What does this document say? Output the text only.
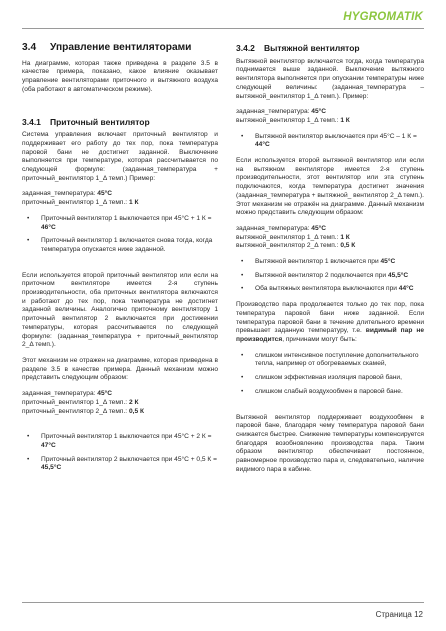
HYGROMATIK
3.4 Управление вентиляторами

На диаграмме, которая также приведена в разделе 3.5 в качестве примера, показано, какое влияние оказывает управление вентиляторами приточного и вытяжного воздуха (оба работают в автоматическом режиме).

3.4.1 Приточный вентилятор

Система управления включает приточный вентилятор и поддерживает его работу до тех пор, пока температура паровой бани не достигнет заданной. Выключение выполняется при температуре, которая рассчитывается по следующей формуле: (заданная_температура + приточный_вентилятор 1_Δ темп.) Пример:

заданная_температура: 45°C
приточный_вентилятор 1_Δ темп.: 1 К
• Приточный вентилятор 1 выключается при 45°C + 1 К = 46°C
• Приточный вентилятор 1 включается снова тогда, когда температура опускается ниже заданной.

Если используется второй приточный вентилятор или если на приточном вентиляторе имеется 2-я ступень производительности, оба приточных вентилятора включаются и работают до тех пор, пока температура не достигнет заданной величины. Аналогично приточному вентилятору 1 приточный вентилятор 2 выключается при достижении температуры, которая рассчитывается по следующей формуле: (заданная_температура + приточный_вентилятор 2_Δ темп.).

Этот механизм не отражен на диаграмме, которая приведена в разделе 3.5 в качестве примера. Данный механизм можно представить следующим образом:

заданная_температура: 45°C
приточный_вентилятор 1_Δ темп.: 2 К
приточный_вентилятор 2_Δ темп.: 0,5 К
• Приточный вентилятор 1 выключается при 45°C + 2 К = 47°C
• Приточный вентилятор 2 выключается при 45°C + 0,5 К = 45,5°C
3.4.2 Вытяжной вентилятор

Вытяжной вентилятор включается тогда, когда температура поднимается выше заданной. Выключение вытяжного вентилятора выполняется при опускании температуры ниже следующей величины: (заданная_температура – вытяжной_вентилятор 1_Δ темп.). Пример:

заданная_температура: 45°C
вытяжной_вентилятор 1_Δ темп.: 1 К
• Вытяжной вентилятор выключается при 45°C – 1 К = 44°C

Если используется второй вытяжной вентилятор или если на вытяжном вентиляторе имеется 2-я ступень производительности, этот вентилятор или эта ступень подключаются, когда температура достигнет значения (заданная_температура + вытяжной_ вентилятор 2_Δ темп.). Этот механизм не отражён на диаграмме. Данный механизм можно представить следующим образом:

заданная_температура: 45°C
вытяжной_вентилятор 1_Δ темп.: 1 К
вытяжной_вентилятор 2_Δ темп.: 0,5 К
• Вытяжной вентилятор 1 включается при 45°C
• Вытяжной вентилятор 2 подключается при 45,5°C
• Оба вытяжных вентилятора выключаются при 44°C

Производство пара продолжается только до тех пор, пока температура паровой бани ниже заданной. Если температура паровой бани в течение длительного времени превышает заданную температуру, т.е. видимый пар не производится, причинами могут быть:

• слишком интенсивное поступление дополнительного тепла, например от обогреваемых скамей,
• слишком эффективная изоляция паровой бани,
• слишком слабый воздухообмен в паровой бане.

Вытяжной вентилятор поддерживает воздухообмен в паровой бане, благодаря чему температура паровой бани снижается быстрее. Снижение температуры компенсируется благодаря возобновлению производства пара. Таким образом вентилятор обеспечивает постоянное, равномерное производство пара и, следовательно, наличие видимого пара в кабине.

Страница 12
